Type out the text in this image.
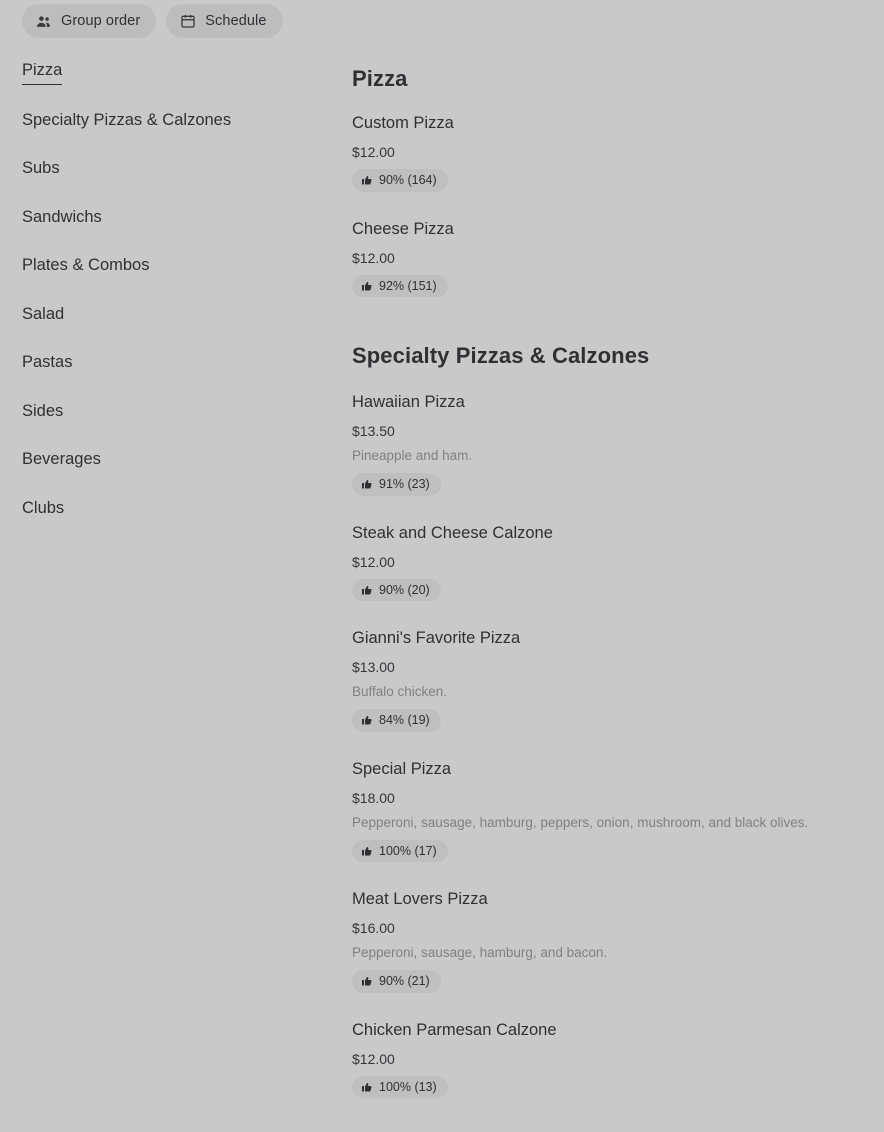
Group order	Schedule
Pizza
Specialty Pizzas & Calzones
Subs
Sandwichs
Plates & Combos
Salad
Pastas
Sides
Beverages
Clubs
Pizza
Custom Pizza
$12.00
90% (164)
Cheese Pizza
$12.00
92% (151)
Specialty Pizzas & Calzones
Hawaiian Pizza
$13.50
Pineapple and ham.
91% (23)
Steak and Cheese Calzone
$12.00
90% (20)
Gianni's Favorite Pizza
$13.00
Buffalo chicken.
84% (19)
Special Pizza
$18.00
Pepperoni, sausage, hamburg, peppers, onion, mushroom, and black olives.
100% (17)
Meat Lovers Pizza
$16.00
Pepperoni, sausage, hamburg, and bacon.
90% (21)
Chicken Parmesan Calzone
$12.00
100% (13)
